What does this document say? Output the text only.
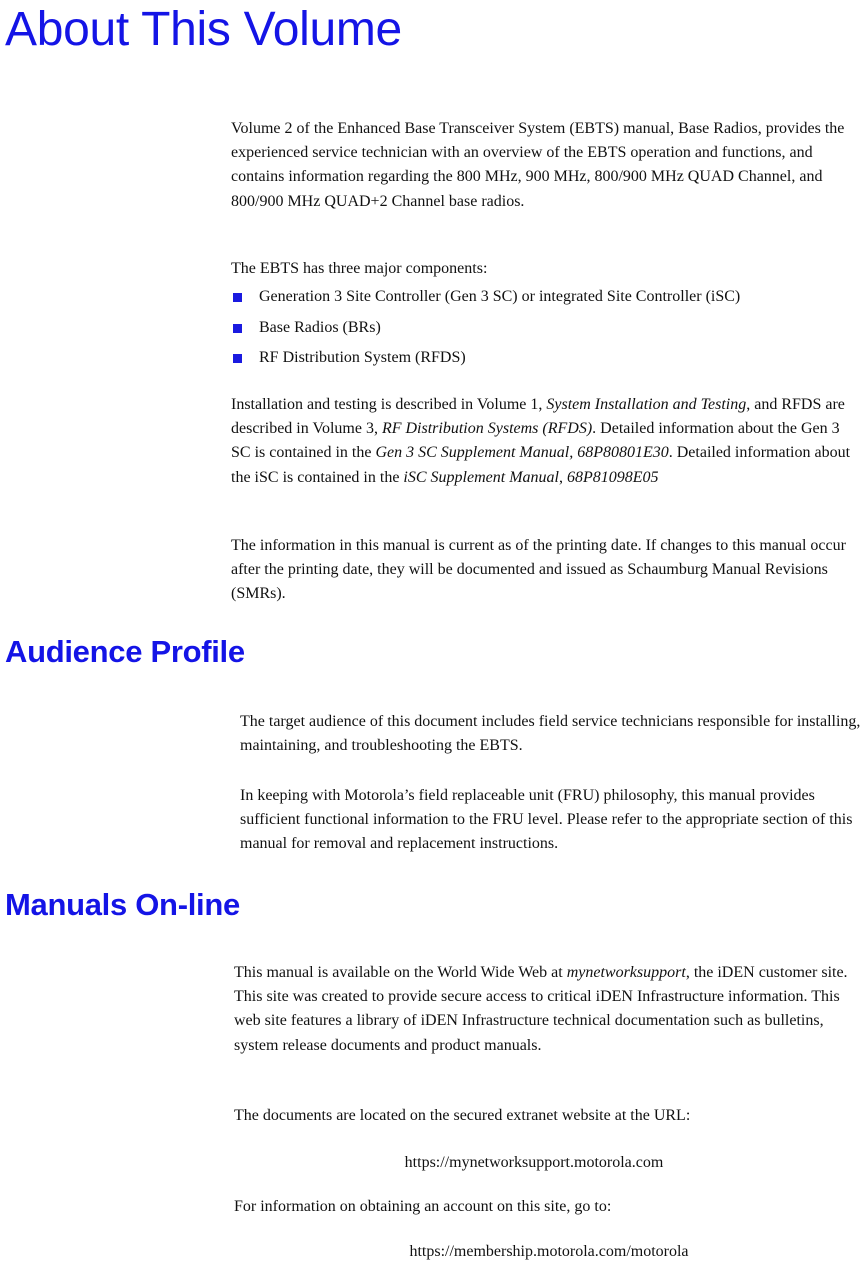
About This Volume

Volume 2 of the Enhanced Base Transceiver System (EBTS) manual, Base Radios, provides the experienced service technician with an overview of the EBTS operation and functions, and contains information regarding the 800 MHz, 900 MHz, 800/900 MHz QUAD Channel, and 800/900 MHz QUAD+2 Channel base radios.

The EBTS has three major components:

Generation 3 Site Controller (Gen 3 SC) or integrated Site Controller (iSC)
Base Radios (BRs)
RF Distribution System (RFDS)

Installation and testing is described in Volume 1, System Installation and Testing, and RFDS are described in Volume 3, RF Distribution Systems (RFDS). Detailed information about the Gen 3 SC is contained in the Gen 3 SC Supplement Manual, 68P80801E30. Detailed information about the iSC is contained in the iSC Supplement Manual, 68P81098E05

The information in this manual is current as of the printing date. If changes to this manual occur after the printing date, they will be documented and issued as Schaumburg Manual Revisions (SMRs).

Audience Profile

The target audience of this document includes field service technicians responsible for installing, maintaining, and troubleshooting the EBTS.

In keeping with Motorola’s field replaceable unit (FRU) philosophy, this manual provides sufficient functional information to the FRU level. Please refer to the appropriate section of this manual for removal and replacement instructions.

Manuals On-line

This manual is available on the World Wide Web at mynetworksupport, the iDEN customer site. This site was created to provide secure access to critical iDEN Infrastructure information. This web site features a library of iDEN Infrastructure technical documentation such as bulletins, system release documents and product manuals.

The documents are located on the secured extranet website at the URL:

https://mynetworksupport.motorola.com

For information on obtaining an account on this site, go to:

https://membership.motorola.com/motorola
